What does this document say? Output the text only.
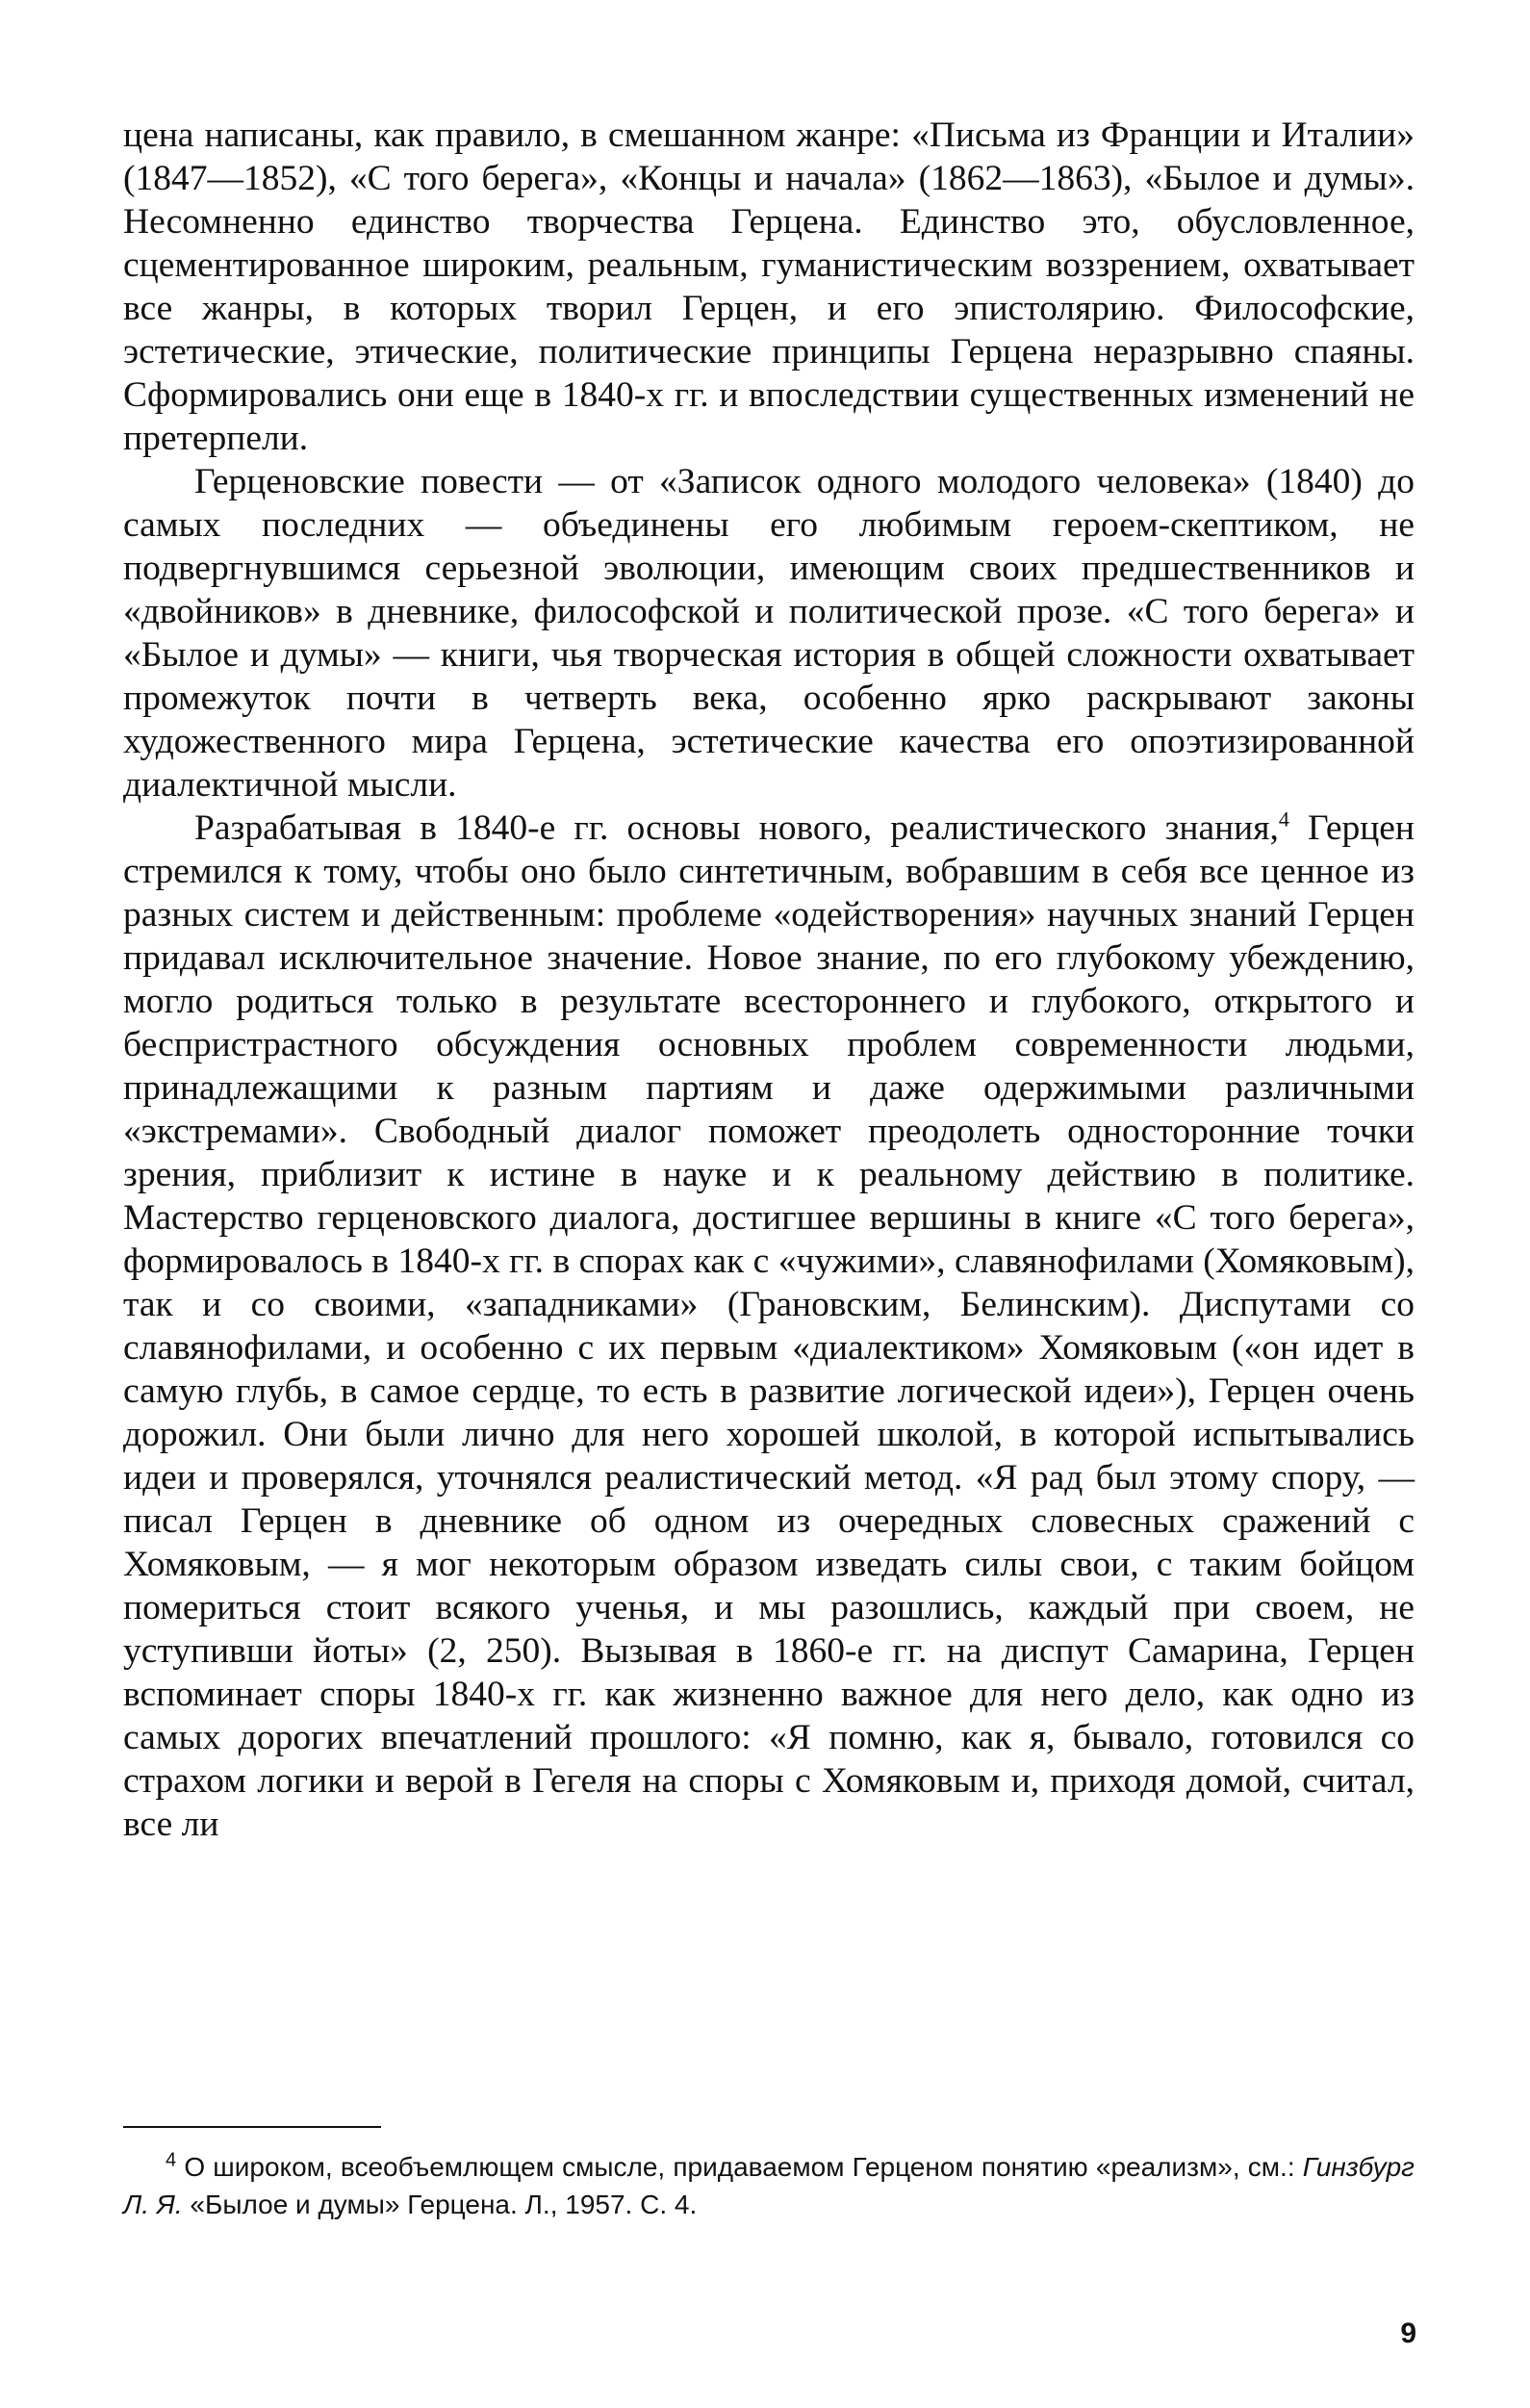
цена написаны, как правило, в смешанном жанре: «Письма из Франции и Италии» (1847—1852), «С того берега», «Концы и начала» (1862—1863), «Былое и думы». Несомненно единство творчества Герцена. Единство это, обусловленное, сцементированное широким, реальным, гуманистическим воззрением, охватывает все жанры, в которых творил Герцен, и его эпистолярию. Философские, эстетические, этические, политические принципы Герцена неразрывно спаяны. Сформировались они еще в 1840-х гг. и впоследствии существенных изменений не претерпели.

Герценовские повести — от «Записок одного молодого человека» (1840) до самых последних — объединены его любимым героем-скептиком, не подвергнувшимся серьезной эволюции, имеющим своих предшественников и «двойников» в дневнике, философской и политической прозе. «С того берега» и «Былое и думы» — книги, чья творческая история в общей сложности охватывает промежуток почти в четверть века, особенно ярко раскрывают законы художественного мира Герцена, эстетические качества его опоэтизированной диалектичной мысли.

Разрабатывая в 1840-е гг. основы нового, реалистического знания,$^4$ Герцен стремился к тому, чтобы оно было синтетичным, вобравшим в себя все ценное из разных систем и действенным: проблеме «одействорения» научных знаний Герцен придавал исключительное значение. Новое знание, по его глубокому убеждению, могло родиться только в результате всестороннего и глубокого, открытого и беспристрастного обсуждения основных проблем современности людьми, принадлежащими к разным партиям и даже одержимыми различными «экстремами». Свободный диалог поможет преодолеть односторонние точки зрения, приблизит к истине в науке и к реальному действию в политике. Мастерство герценовского диалога, достигшее вершины в книге «С того берега», формировалось в 1840-х гг. в спорах как с «чужими», славянофилами (Хомяковым), так и со своими, «западниками» (Грановским, Белинским). Диспутами со славянофилами, и особенно с их первым «диалектиком» Хомяковым («он идет в самую глубь, в самое сердце, то есть в развитие логической идеи»), Герцен очень дорожил. Они были лично для него хорошей школой, в которой испытывались идеи и проверялся, уточнялся реалистический метод. «Я рад был этому спору, — писал Герцен в дневнике об одном из очередных словесных сражений с Хомяковым, — я мог некоторым образом изведать силы свои, с таким бойцом помериться стоит всякого ученья, и мы разошлись, каждый при своем, не уступивши йоты» (2, 250). Вызывая в 1860-е гг. на диспут Самарина, Герцен вспоминает споры 1840-х гг. как жизненно важное для него дело, как одно из самых дорогих впечатлений прошлого: «Я помню, как я, бывало, готовился со страхом логики и верой в Гегеля на споры с Хомяковым и, приходя домой, считал, все ли

$^4$ О широком, всеобъемлющем смысле, придаваемом Герценом понятию «реализм», см.: Гинзбург Л. Я. «Былое и думы» Герцена. Л., 1957. С. 4.

9
